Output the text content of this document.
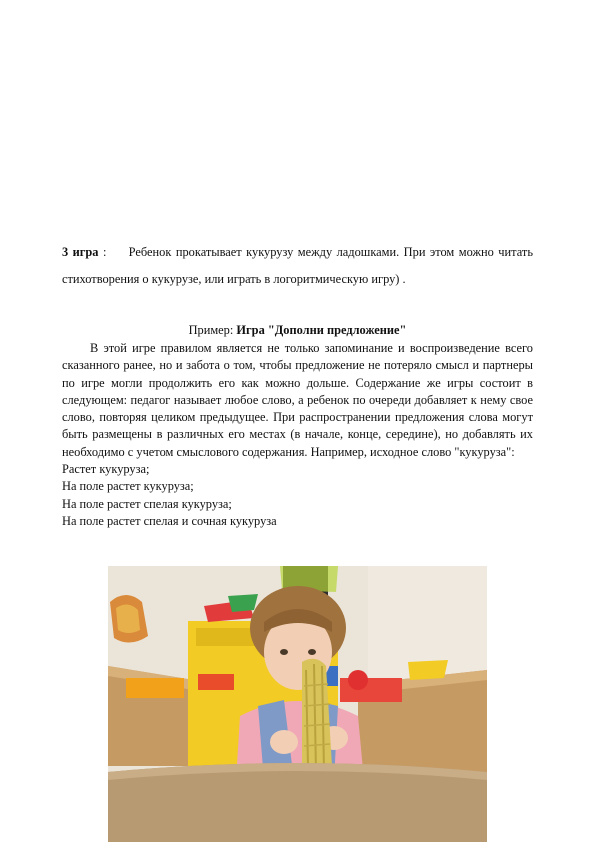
3 игра : Ребенок прокатывает кукурузу между ладошками. При этом можно читать стихотворения о кукурузе, или играть в логоритмическую игру) .
Пример: Игра "Дополни предложение"
В этой игре правилом является не только запоминание и воспроизведение всего сказанного ранее, но и забота о том, чтобы предложение не потеряло смысл и партнеры по игре могли продолжить его как можно дольше. Содержание же игры состоит в следующем: педагог называет любое слово, а ребенок по очереди добавляет к нему свое слово, повторяя целиком предыдущее. При распространении предложения слова могут быть размещены в различных его местах (в начале, конце, середине), но добавлять их необходимо с учетом смыслового содержания. Например, исходное слово "кукуруза":
Растет кукуруза;
На поле растет кукуруза;
На поле растет спелая кукуруза;
На поле растет спелая и сочная кукуруза
